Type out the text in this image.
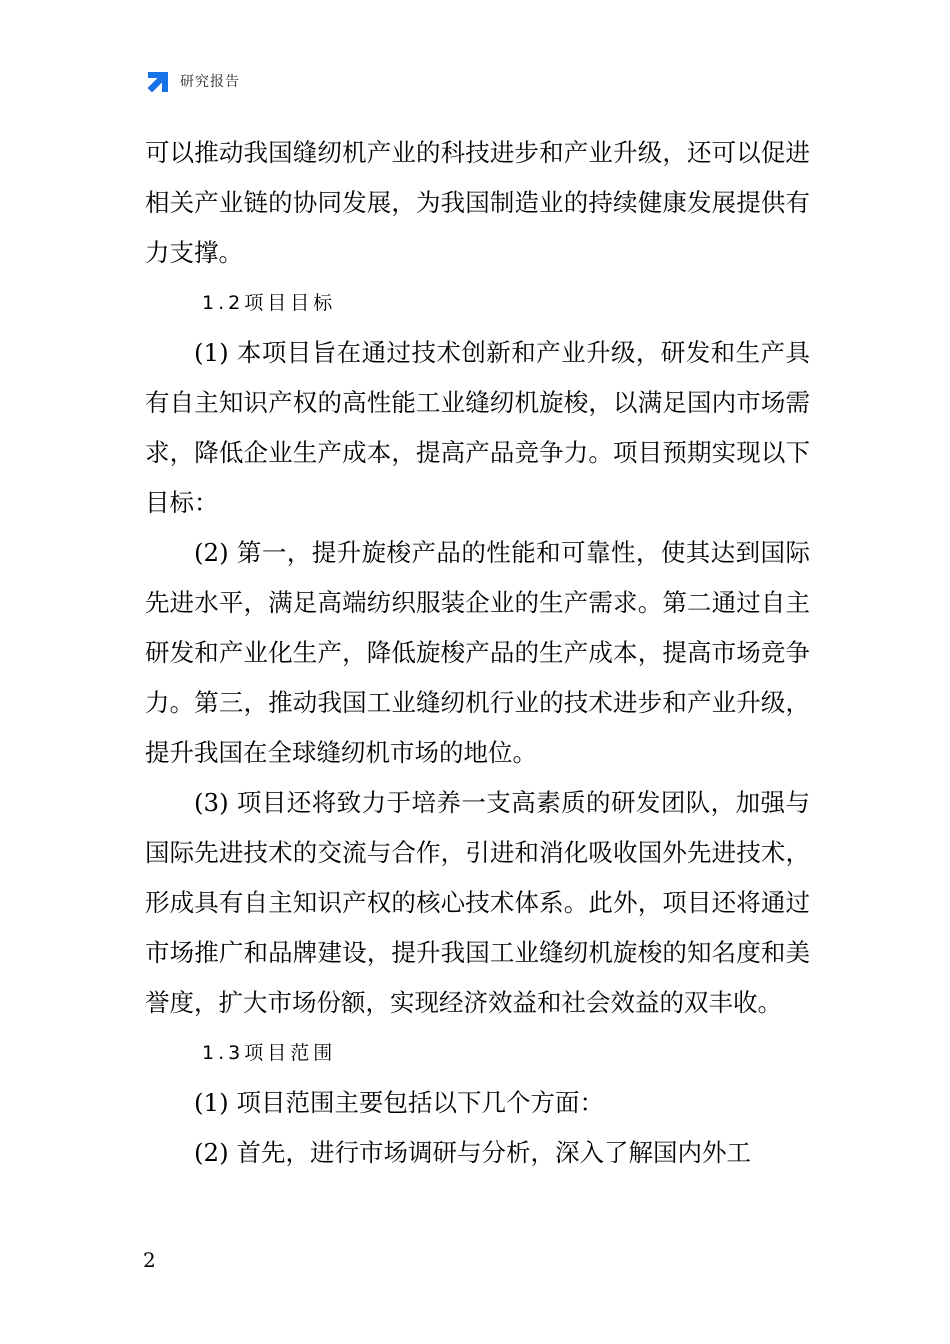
研究报告

可以推动我国缝纫机产业的科技进步和产业升级，还可以促进相关产业链的协同发展，为我国制造业的持续健康发展提供有力支撑。

1.2项目目标

(1) 本项目旨在通过技术创新和产业升级，研发和生产具有自主知识产权的高性能工业缝纫机旋梭，以满足国内市场需求，降低企业生产成本，提高产品竞争力。项目预期实现以下目标：

(2) 第一，提升旋梭产品的性能和可靠性，使其达到国际先进水平，满足高端纺织服装企业的生产需求。第二通过自主研发和产业化生产，降低旋梭产品的生产成本，提高市场竞争力。第三，推动我国工业缝纫机行业的技术进步和产业升级，提升我国在全球缝纫机市场的地位。

(3) 项目还将致力于培养一支高素质的研发团队，加强与国际先进技术的交流与合作，引进和消化吸收国外先进技术，形成具有自主知识产权的核心技术体系。此外，项目还将通过市场推广和品牌建设，提升我国工业缝纫机旋梭的知名度和美誉度，扩大市场份额，实现经济效益和社会效益的双丰收。

1.3项目范围

(1) 项目范围主要包括以下几个方面：

(2) 首先，进行市场调研与分析，深入了解国内外工

2
